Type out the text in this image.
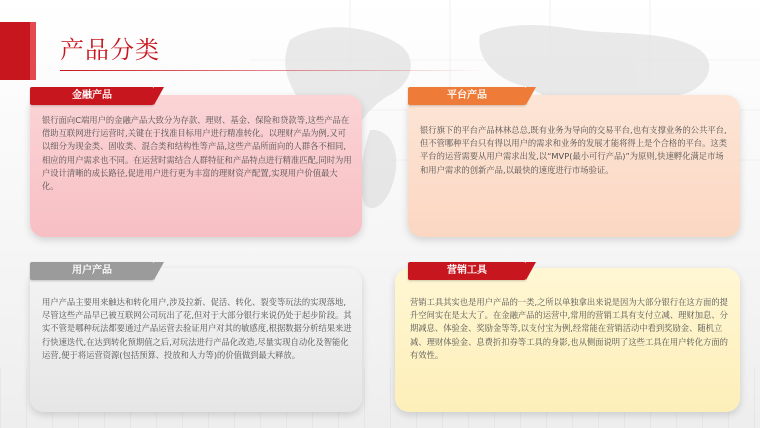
产品分类
金融产品
银行面向C端用户的金融产品大致分为存款、理财、基金、保险和贷款等,这些产品在借助互联网进行运营时,关键在于找准目标用户进行精准转化。以理财产品为例,又可以细分为现金类、固收类、混合类和结构性等产品,这些产品所面向的人群各不相同,相应的用户需求也不同。在运营时需结合人群特征和产品特点进行精准匹配,同时为用户设计清晰的成长路径,促进用户进行更为丰富的理财资产配置,实现用户价值最大化。
平台产品
银行旗下的平台产品林林总总,既有业务为导向的交易平台,也有支撑业务的公共平台,但不管哪种平台只有得以用户的需求和业务的发展才能将得上是个合格的平台。这类平台的运营需要从用户需求出发,以“MVP(最小可行产品)”为原则,快速孵化满足市场和用户需求的创新产品,以最快的速度进行市场验证。
用户产品
用户产品主要用来触达和转化用户,涉及拉新、促活、转化、裂变等玩法的实现落地,尽管这些产品早已被互联网公司玩出了花,但对于大部分银行来说仍处于起步阶段。其实不管是哪种玩法都要通过产品运营去验证用户对其的敏感度,根据数据分析结果来进行快速迭代,在达到转化预期值之后,对玩法进行产品化改造,尽量实现自动化及智能化运营,便于将运营资源(包括预算、投放和人力等)的价值做到最大释放。
营销工具
营销工具其实也是用户产品的一类,之所以单独拿出来说是因为大部分银行在这方面的提升空间实在是太大了。在金融产品的运营中,常用的营销工具有支付立减、理财加息、分期减息、体验金、奖励金等等,以支付宝为例,经常能在营销活动中看到奖励金、随机立减、理财体验金、息费折扣券等工具的身影,也从侧面说明了这些工具在用户转化方面的有效性。
